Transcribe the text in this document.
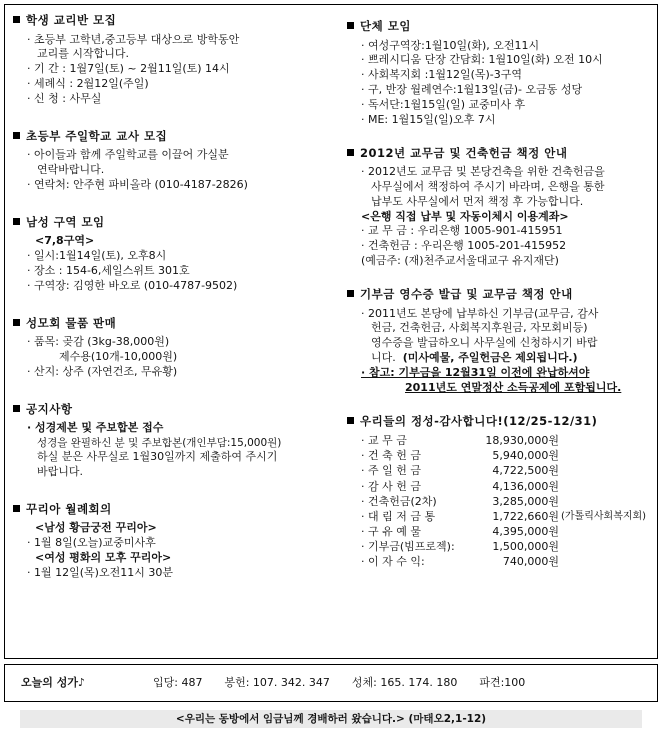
학생 교리반 모집
· 초등부 고학년,중고등부 대상으로 방학동안
교리를 시작합니다.
· 기 간 : 1월7일(토) ~ 2월11일(토) 14시
· 세례식 : 2월12일(주일)
· 신 청 : 사무실
초등부 주일학교 교사 모집
· 아이들과 함께 주일학교를 이끌어 가실분
연락바랍니다.
· 연락처: 안주현 파비올라 (010-4187-2826)
남성 구역 모임
<7,8구역>
· 일시:1월14일(토), 오후8시
· 장소 : 154-6,세일스위트 301호
· 구역장: 김영한 바오로 (010-4787-9502)
성모회 물품 판매
· 품목: 곶감 (3kg-38,000원)
제수용(10개-10,000원)
· 산지: 상주 (자연건조, 무유황)
공지사항
· 성경제본 및 주보합본 접수
성경을 완필하신 분 및 주보합본(개인부담:15,000원)
하실 분은 사무실로 1월30일까지 제출하여 주시기
바랍니다.
꾸리아 월례회의
<남성 황금궁전 꾸리아>
· 1월 8일(오늘)교중미사후
<여성 평화의 모후 꾸리아>
· 1월 12일(목)오전11시 30분
단체 모임
· 여성구역장:1월10일(화), 오전11시
· 쁘레시디움 단장 간담회: 1월10일(화) 오전 10시
· 사회복지회 :1월12일(목)-3구역
· 구, 반장 월례연수:1월13일(금)- 오금동 성당
· 독서단:1월15일(일) 교중미사 후
· ME: 1월15일(일)오후 7시
2012년 교무금 및 건축헌금 책정 안내
· 2012년도 교무금 및 본당건축을 위한 건축헌금을
사무실에서 책정하여 주시기 바라며, 은행을 통한
납부도 사무실에서 먼저 책정 후 가능합니다.
<은행 직접 납부 및 자동이체시 이용계좌>
· 교 무 금 : 우리은행 1005-901-415951
· 건축헌금 : 우리은행 1005-201-415952
(예금주: (재)천주교서울대교구 유지재단)
기부금 영수증 발급 및 교무금 책정 안내
· 2011년도 본당에 납부하신 기부금(교무금, 감사
헌금, 건축헌금, 사회복지후원금, 자모회비등)
영수증을 발급하오니 사무실에 신청하시기 바랍
니다. (미사예물, 주일헌금은 제외됩니다.)
· 참고: 기부금을 12월31일 이전에 완납하셔야
2011년도 연말정산 소득공제에 포함됩니다.
우리들의 정성-감사합니다!(12/25-12/31)
· 교 무 금		18,930,000원	
· 건 축 헌 금		5,940,000원	
· 주 일 헌 금		4,722,500원	
· 감 사 헌 금		4,136,000원	
· 건축헌금(2차)		3,285,000원	
· 대 림 저 금 통		1,722,660원	(가톨릭사회복지회)
· 구 유 예 물		4,395,000원	
· 기부금(빔프로젝):		1,500,000원	
· 이 자 수 익:		740,000원	
오늘의 성가♪	입당: 487 봉헌: 107. 342. 347 성체: 165. 174. 180 파견:100
<우리는 동방에서 임금님께 경배하러 왔습니다.> (마태오2,1-12)
